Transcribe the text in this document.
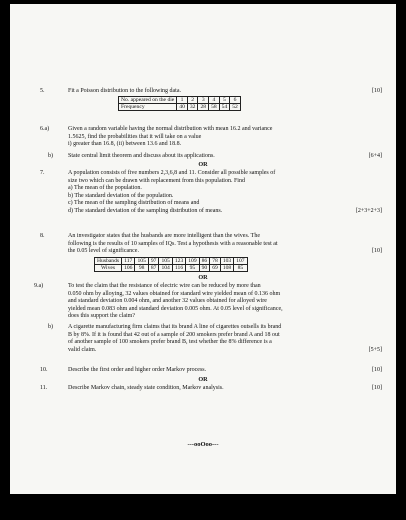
5.	Fit a Poisson distribution to the following data.	[10]
No. appeared on the die	1	2	3	4	5	6
Frequency	40	32	28	58	54	52
6.a)	Given a random variable having the normal distribution with mean 16.2 and variance
1.5625, find the probabilities that it will take on a value
i) greater than 16.8, (ii) between 13.6 and 18.8.
b)	State central limit theorem and discuss about its applications.	[6+4]
OR
7.	A population consists of five numbers 2,3,6,8 and 11. Consider all possible samples of
size two which can be drawn with replacement from this population. Find
a) The mean of the population.
b) The standard deviation of the population.
c) The mean of the sampling distribution of means and
d) The standard deviation of the sampling distribution of means.	[2+3+2+3]
8.	An investigator states that the husbands are more intelligent than the wives. The
following is the results of 10 samples of IQs. Test a hypothesis with a reasonable test at
the 0.05 level of significance.	[10]
Husbands	117	105	97	105	123	109	86	78	103	107
Wives	106	98	87	104	116	95	90	69	108	85
OR
9.a)	To test the claim that the resistance of electric wire can be reduced by more than
0.050 ohm by alloying, 32 values obtained for standard wire yielded mean of 0.136 ohm
and standard deviation 0.004 ohm, and another 32 values obtained for alloyed wire
yielded mean 0.083 ohm and standard deviation 0.005 ohm. At 0.05 level of significance,
does this support the claim?
b)	A cigarette manufacturing firm claims that its brand A line of cigarettes outsells its brand
B by 8%. If it is found that 42 out of a sample of 200 smokers prefer brand A and 18 out
of another sample of 100 smokers prefer brand B, test whether the 8% difference is a
valid claim.	[5+5]
10.	Describe the first order and higher order Markov process.	[10]
OR
11.	Describe Markov chain, steady state condition, Markov analysis.	[10]
---ooOoo---
